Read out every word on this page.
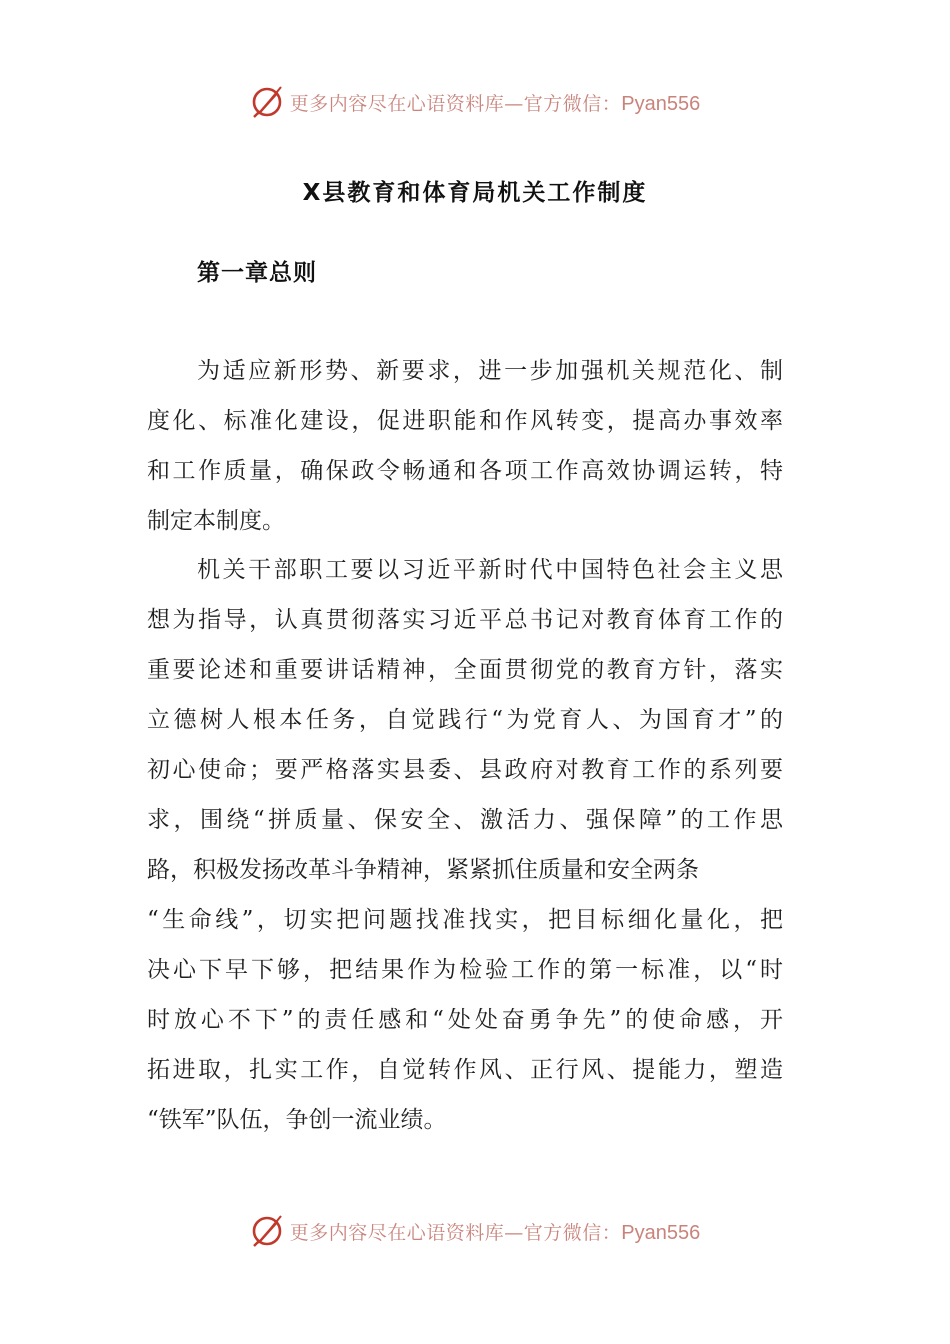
更多内容尽在心语资料库—官方微信：Pyan556
X县教育和体育局机关工作制度
第一章总则
为适应新形势、新要求，进一步加强机关规范化、制
度化、标准化建设，促进职能和作风转变，提高办事效率
和工作质量，确保政令畅通和各项工作高效协调运转，特
制定本制度。
机关干部职工要以习近平新时代中国特色社会主义思
想为指导，认真贯彻落实习近平总书记对教育体育工作的
重要论述和重要讲话精神，全面贯彻党的教育方针，落实
立德树人根本任务，自觉践行“为党育人、为国育才”的
初心使命；要严格落实县委、县政府对教育工作的系列要
求，围绕“拼质量、保安全、激活力、强保障”的工作思
路，积极发扬改革斗争精神，紧紧抓住质量和安全两条
“生命线”，切实把问题找准找实，把目标细化量化，把
决心下早下够，把结果作为检验工作的第一标准，以“时
时放心不下”的责任感和“处处奋勇争先”的使命感，开
拓进取，扎实工作，自觉转作风、正行风、提能力，塑造
“铁军”队伍，争创一流业绩。
更多内容尽在心语资料库—官方微信：Pyan556
